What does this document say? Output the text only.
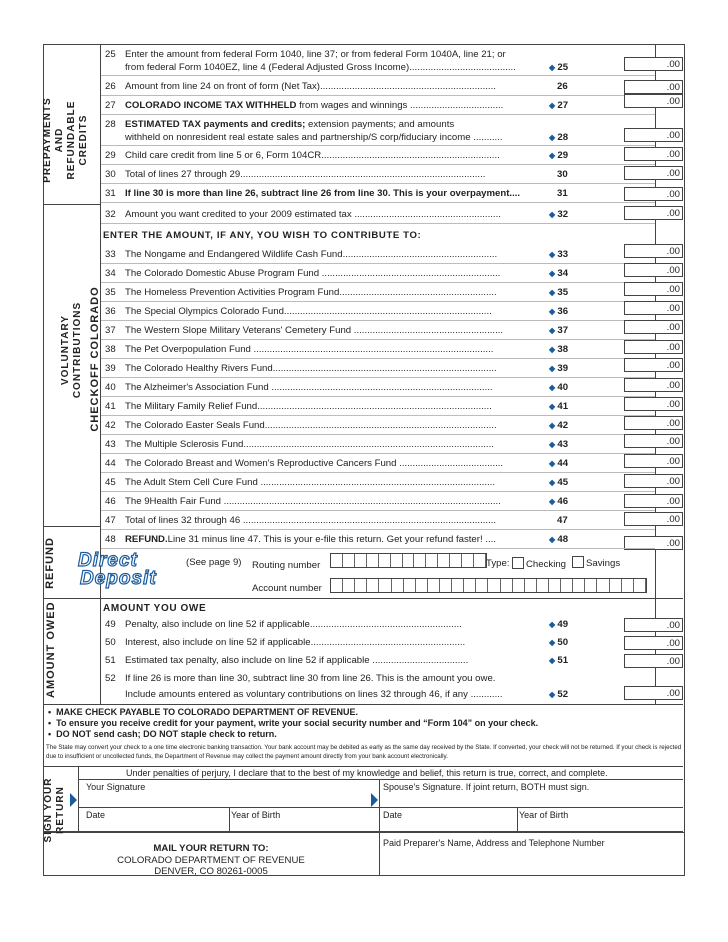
PREPAYMENTS
AND
REFUNDABLE
CREDITS
VOLUNTARY
CONTRIBUTIONS CHECKOFF COLORADO
REFUND
AMOUNT OWED
SIGN YOUR
RETURN
25 Enter the amount from federal Form 1040, line 37; or from federal Form 1040A, line 21; or
from federal Form 1040EZ, line 4 (Federal Adjusted Gross Income)........................................	◆ 25	.00
26 Amount from line 24 on front of form (Net Tax)..................................................................	26	.00
27 COLORADO INCOME TAX WITHHELD from wages and winnings ...................................	◆ 27	.00
28 ESTIMATED TAX payments and credits; extension payments; and amounts
withheld on nonresident real estate sales and partnership/S corp/fiduciary income ...........	◆ 28	.00
29 Child care credit from line 5 or 6, Form 104CR...................................................................	◆ 29	.00
30 Total of lines 27 through 29............................................................................................	30	.00
31 If line 30 is more than line 26, subtract line 26 from line 30. This is your overpayment....	31	.00
32 Amount you want credited to your 2009 estimated tax .......................................................	◆ 32	.00
33 The Nongame and Endangered Wildlife Cash Fund..........................................................	◆ 33	.00
34 The Colorado Domestic Abuse Program Fund ...................................................................	◆ 34	.00
35 The Homeless Prevention Activities Program Fund...........................................................	◆ 35	.00
36 The Special Olympics Colorado Fund..............................................................................	◆ 36	.00
37 The Western Slope Military Veterans' Cemetery Fund ........................................................	◆ 37	.00
38 The Pet Overpopulation Fund ..........................................................................................	◆ 38	.00
39 The Colorado Healthy Rivers Fund....................................................................................	◆ 39	.00
40 The Alzheimer's Association Fund ...................................................................................	◆ 40	.00
41 The Military Family Relief Fund........................................................................................	◆ 41	.00
42 The Colorado Easter Seals Fund.......................................................................................	◆ 42	.00
43 The Multiple Sclerosis Fund..............................................................................................	◆ 43	.00
44 The Colorado Breast and Women's Reproductive Cancers Fund .......................................	◆ 44	.00
45 The Adult Stem Cell Cure Fund ........................................................................................	◆ 45	.00
46 The 9Health Fair Fund ........................................................................................................	◆ 46	.00
47 Total of lines 32 through 46 ...............................................................................................	47	.00
48 REFUND.Line 31 minus line 47. This is your e-file this return. Get your refund faster! ....	◆ 48	.00
ENTER THE AMOUNT, IF ANY, YOU WISH TO CONTRIBUTE TO:
Direct
Deposit
(See page 9) Routing number	Type:	Checking	Savings
Account number
AMOUNT YOU OWE
49 Penalty, also include on line 52 if applicable.........................................................	◆ 49	.00
50 Interest, also include on line 52 if applicable..........................................................	◆ 50	.00
51 Estimated tax penalty, also include on line 52 if applicable ....................................	◆ 51	.00
52 If line 26 is more than line 30, subtract line 30 from line 26. This is the amount you owe.
Include amounts entered as voluntary contributions on lines 32 through 46, if any ............	◆ 52	.00
•  MAKE CHECK PAYABLE TO COLORADO DEPARTMENT OF REVENUE.
•  To ensure you receive credit for your payment, write your social security number and “Form 104” on your check.
•  DO NOT send cash; DO NOT staple check to return.
The State may convert your check to a one time electronic banking transaction. Your bank account may be debited as early as the same day received by the State. If converted, your check will not be returned. If your check is rejected due to insufficient or uncollected funds, the Department of Revenue may collect the payment amount directly from your bank account electronically.
Under penalties of perjury, I declare that to the best of my knowledge and belief, this return is true, correct, and complete.
Your Signature	Spouse's Signature. If joint return, BOTH must sign.
Date	Year of Birth	Date	Year of Birth
MAIL YOUR RETURN TO:
COLORADO DEPARTMENT OF REVENUE
DENVER, CO 80261-0005
Paid Preparer's Name, Address and Telephone Number
